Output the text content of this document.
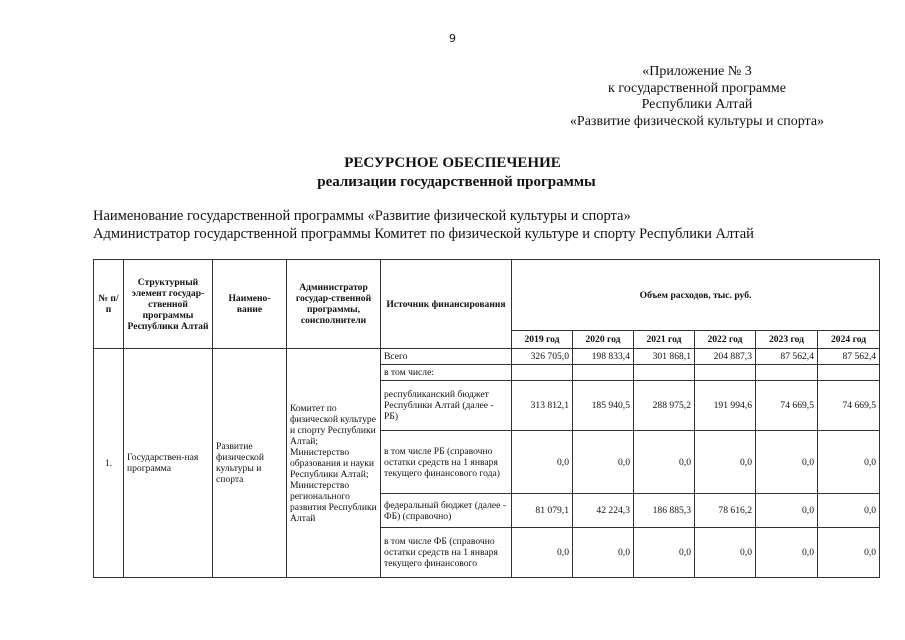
9
«Приложение № 3
к государственной программе
Республики Алтай
«Развитие физической культуры и спорта»
РЕСУРСНОЕ ОБЕСПЕЧЕНИЕ
реализации государственной программы
Наименование государственной программы «Развитие физической культуры и спорта»
Администратор государственной программы Комитет по физической культуре и спорту Республики Алтай
№ п/п	Структурный элемент государ-ственной программы Республики Алтай	Наимено-вание	Администратор государ-ственной программы, соисполнители	Источник финансирования	Объем расходов, тыс. руб.					
					2019 год	2020 год	2021 год	2022 год	2023 год	2024 год
1.	Государствен-ная программа	Развитие физической культуры и спорта	Комитет по физической культуре и спорту Республики Алтай; Министерство образования и науки Республики Алтай; Министерство регионального развития Республики Алтай	Всего	326 705,0	198 833,4	301 868,1	204 887,3	87 562,4	87 562,4
				в том числе:						
				республиканский бюджет Республики Алтай (далее - РБ)	313 812,1	185 940,5	288 975,2	191 994,6	74 669,5	74 669,5
				в том числе РБ (справочно остатки средств на 1 января текущего финансового года)	0,0	0,0	0,0	0,0	0,0	0,0
				федеральный бюджет (далее - ФБ) (справочно)	81 079,1	42 224,3	186 885,3	78 616,2	0,0	0,0
				в том числе ФБ (справочно остатки средств на 1 января текущего финансового	0,0	0,0	0,0	0,0	0,0	0,0
